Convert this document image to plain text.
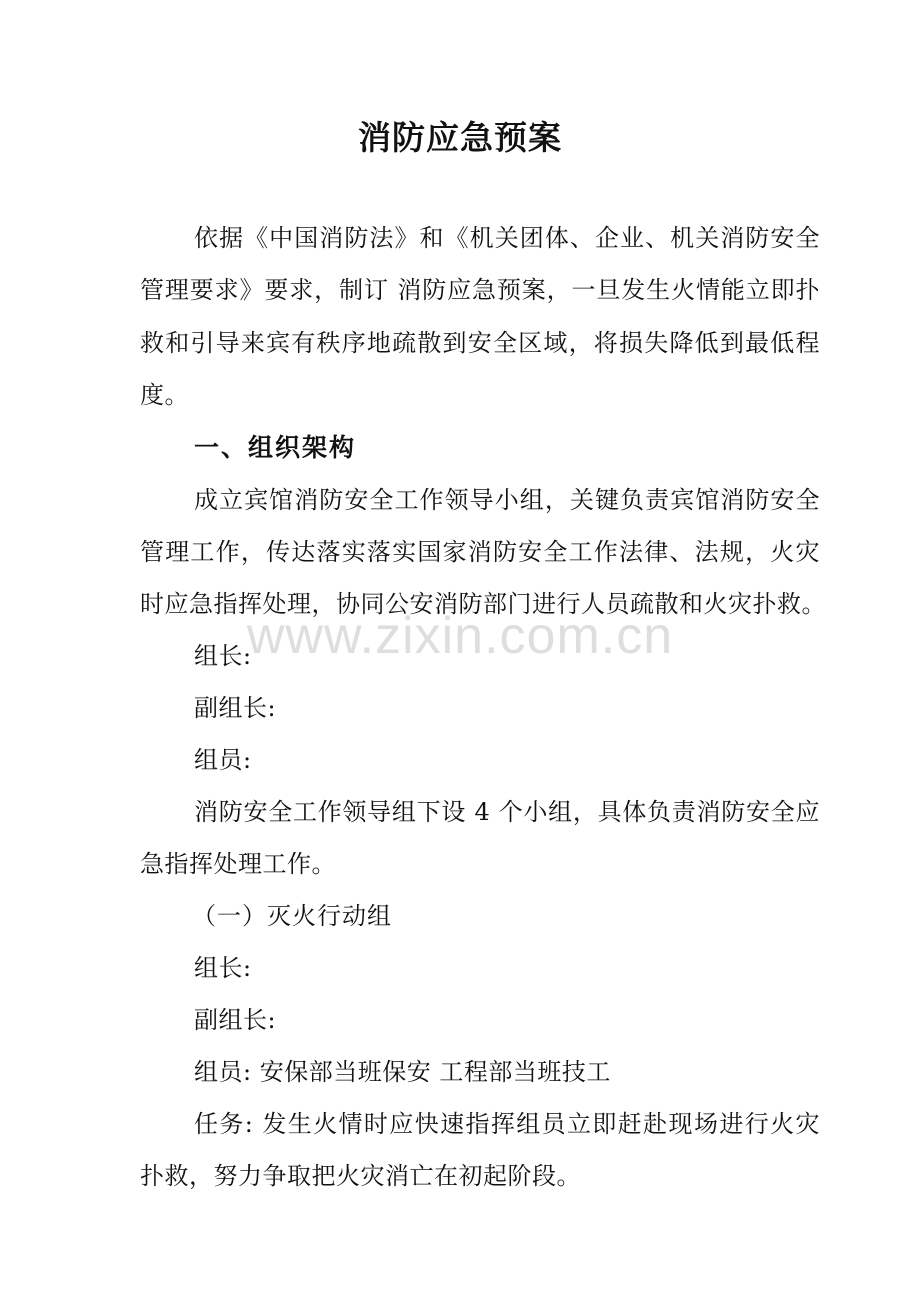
消防应急预案
依据《中国消防法》和《机关团体、企业、机关消防安全
管理要求》要求，制订 消防应急预案，一旦发生火情能立即扑
救和引导来宾有秩序地疏散到安全区域，将损失降低到最低程
度。
一、组织架构
成立宾馆消防安全工作领导小组，关键负责宾馆消防安全
管理工作，传达落实落实国家消防安全工作法律、法规，火灾
时应急指挥处理，协同公安消防部门进行人员疏散和火灾扑救。
组长:
副组长:
组员:
消防安全工作领导组下设 4 个小组，具体负责消防安全应
急指挥处理工作。
（一）灭火行动组
组长:
副组长:
组员: 安保部当班保安 工程部当班技工
任务: 发生火情时应快速指挥组员立即赶赴现场进行火灾
扑救，努力争取把火灾消亡在初起阶段。
www.zixin.com.cn
